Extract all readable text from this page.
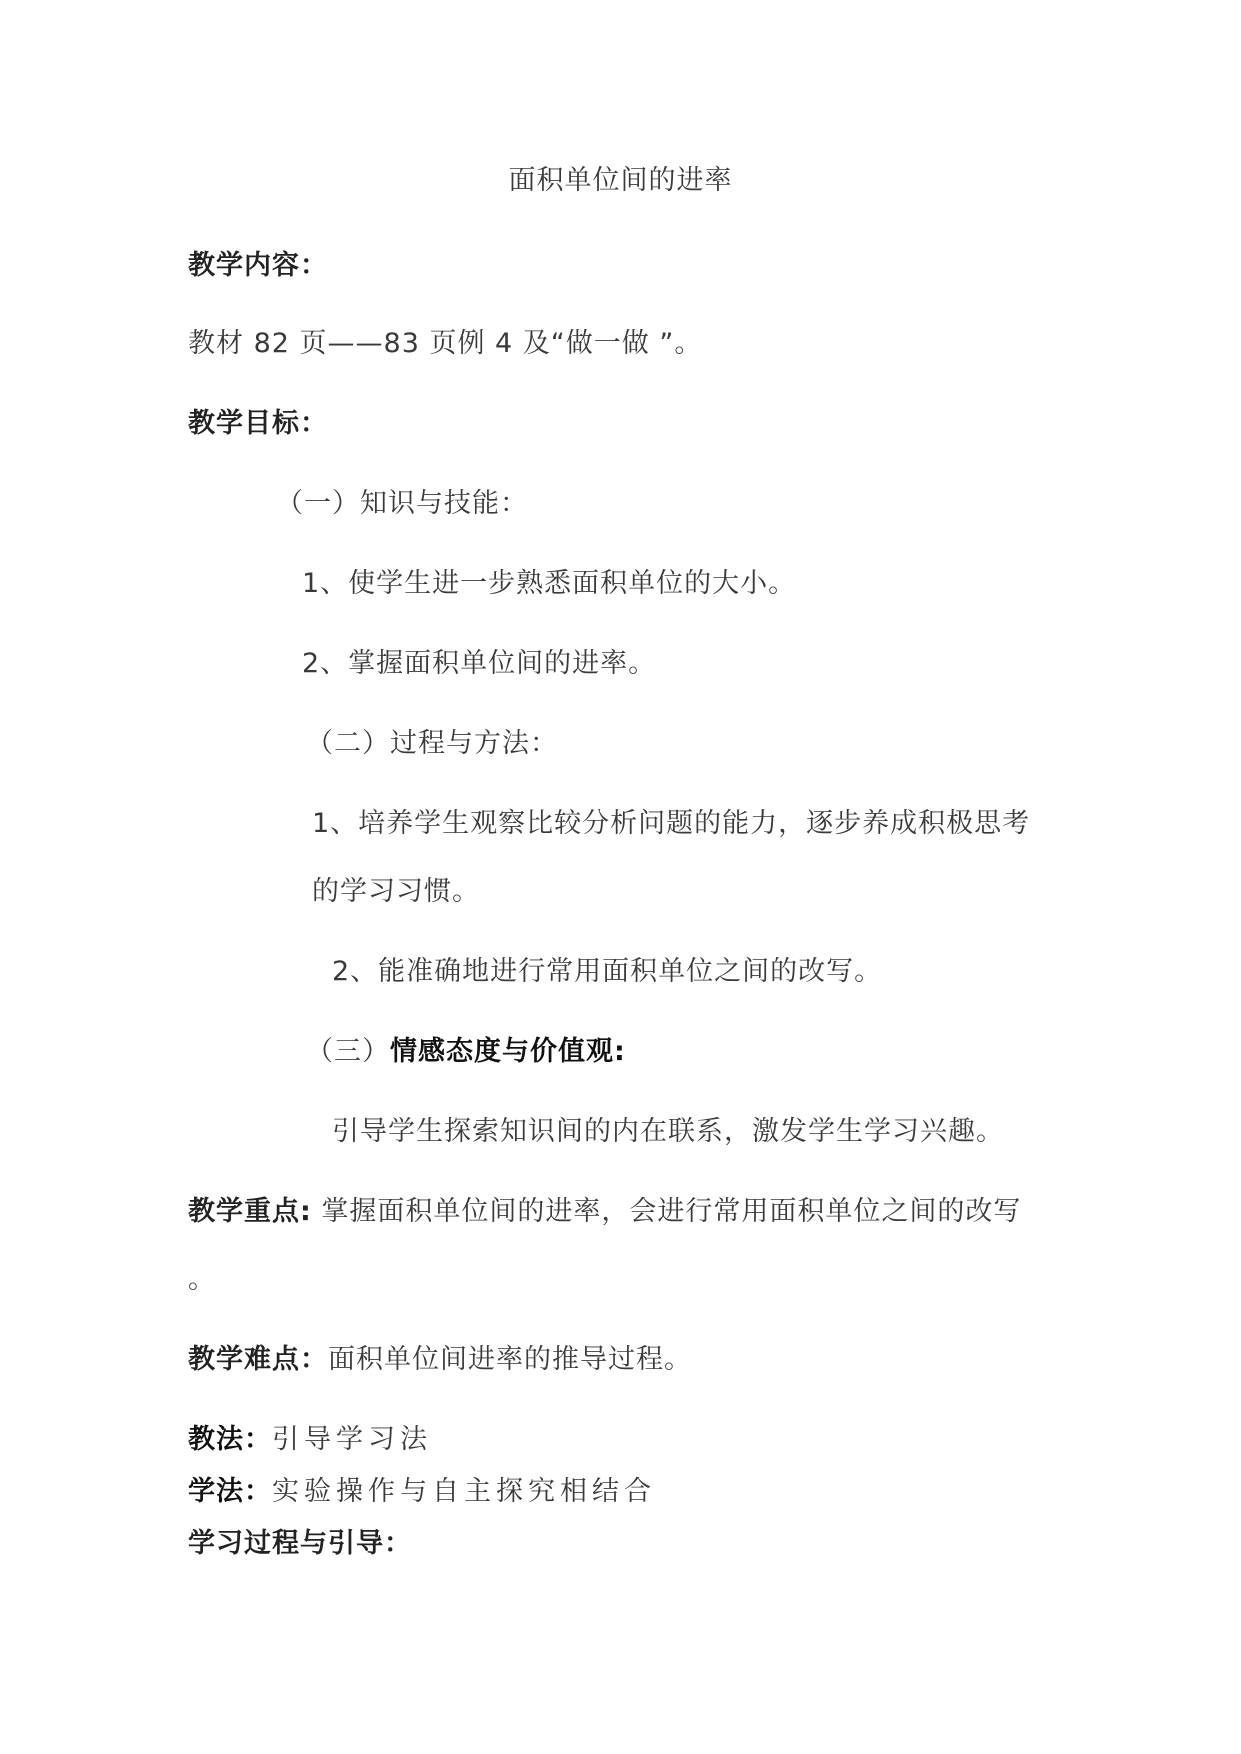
面积单位间的进率
教学内容：
教材 82 页——83 页例 4 及“做一做 ”。
教学目标：
（一）知识与技能：
1、使学生进一步熟悉面积单位的大小。
2、掌握面积单位间的进率。
（二）过程与方法：
1、培养学生观察比较分析问题的能力，逐步养成积极思考
的学习习惯。
2、能准确地进行常用面积单位之间的改写。
（三）情感态度与价值观:
引导学生探索知识间的内在联系，激发学生学习兴趣。
教学重点: 掌握面积单位间的进率，会进行常用面积单位之间的改写
。
教学难点：面积单位间进率的推导过程。
教法：引导学习法
学法：实验操作与自主探究相结合
学习过程与引导：
